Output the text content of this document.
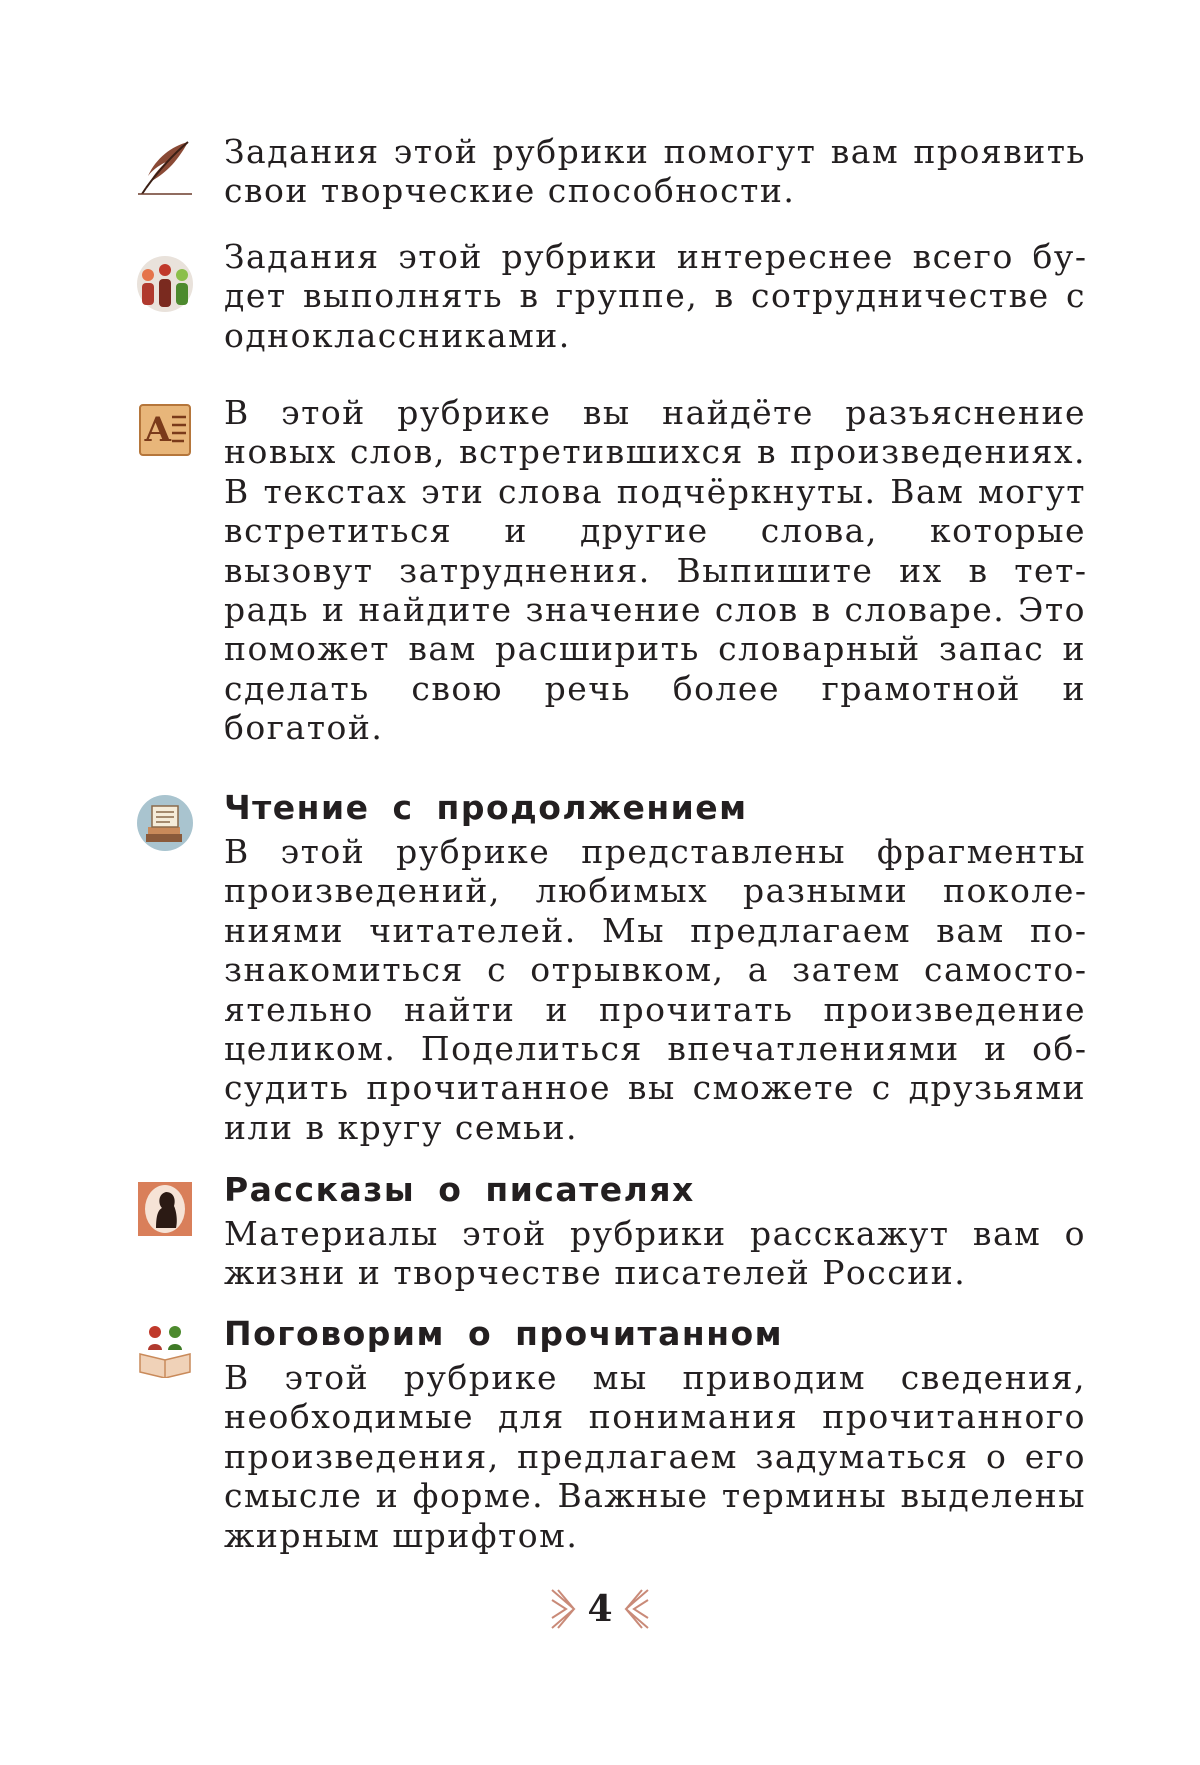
Задания этой рубрики помогут вам проявить свои творческие способности.
Задания этой рубрики интереснее всего будет выполнять в группе, в сотрудничестве с одноклассниками.
А В этой рубрике вы найдёте разъяснение новых слов, встретившихся в произведениях. В текстах эти слова подчёркнуты. Вам могут встретиться и другие слова, которые вызовут затруднения. Выпишите их в тетрадь и найдите значение слов в словаре. Это поможет вам расширить словарный запас и сделать свою речь более грамотной и богатой.
Чтение с продолжением
В этой рубрике представлены фрагменты произведений, любимых разными поколениями читателей. Мы предлагаем вам познакомиться с отрывком, а затем самостоятельно найти и прочитать произведение целиком. Поделиться впечатлениями и обсудить прочитанное вы сможете с друзьями или в кругу семьи.
Рассказы о писателях
Материалы этой рубрики расскажут вам о жизни и творчестве писателей России.
Поговорим о прочитанном
В этой рубрике мы приводим сведения, необходимые для понимания прочитанного произведения, предлагаем задуматься о его смысле и форме. Важные термины выделены жирным шрифтом.
4
